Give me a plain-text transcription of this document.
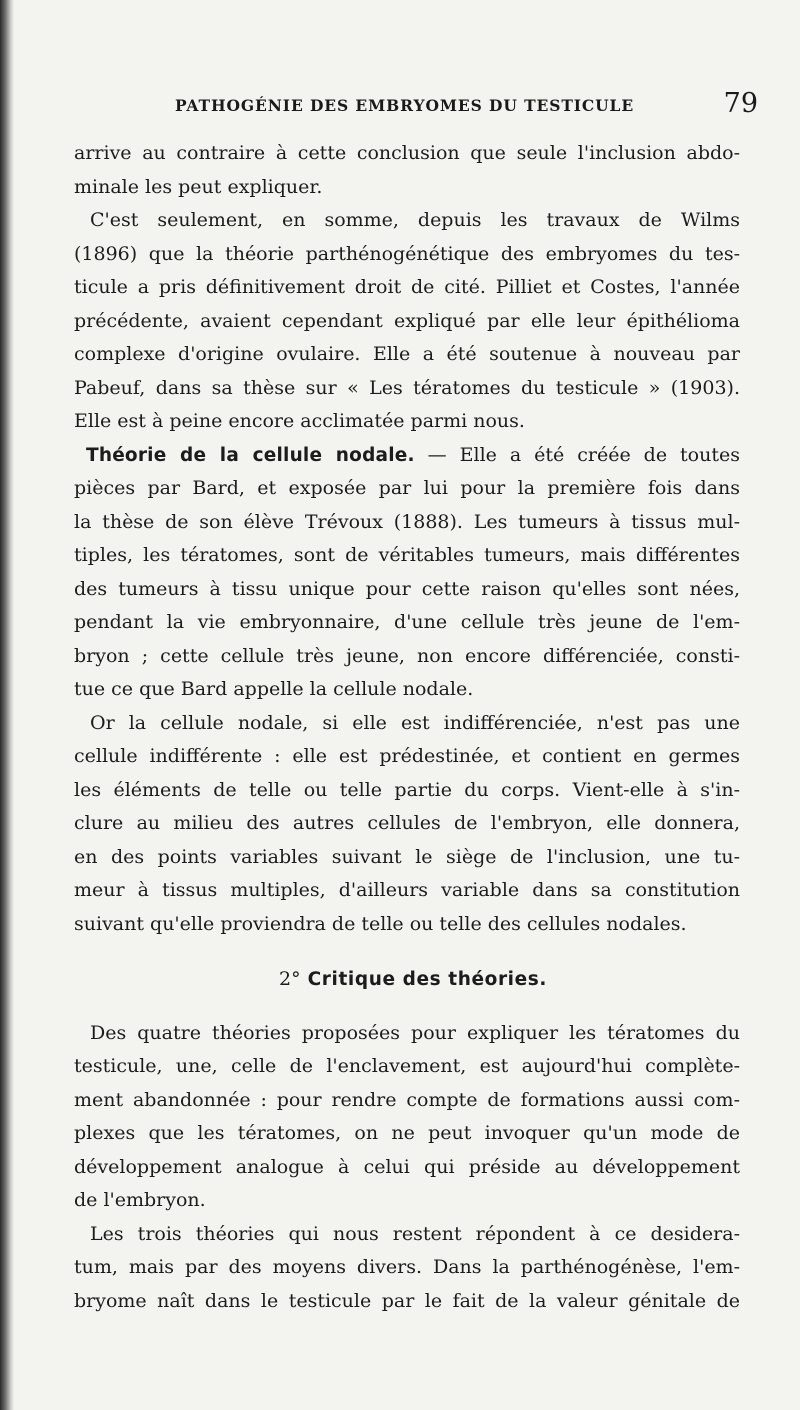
PATHOGÉNIE DES EMBRYOMES DU TESTICULE	79
arrive au contraire à cette conclusion que seule l'inclusion abdo-
minale les peut expliquer.
C'est seulement, en somme, depuis les travaux de Wilms
(1896) que la théorie parthénogénétique des embryomes du tes-
ticule a pris définitivement droit de cité. Pilliet et Costes, l'année
précédente, avaient cependant expliqué par elle leur épithélioma
complexe d'origine ovulaire. Elle a été soutenue à nouveau par
Pabeuf, dans sa thèse sur « Les tératomes du testicule » (1903).
Elle est à peine encore acclimatée parmi nous.
Théorie de la cellule nodale. — Elle a été créée de toutes
pièces par Bard, et exposée par lui pour la première fois dans
la thèse de son élève Trévoux (1888). Les tumeurs à tissus mul-
tiples, les tératomes, sont de véritables tumeurs, mais différentes
des tumeurs à tissu unique pour cette raison qu'elles sont nées,
pendant la vie embryonnaire, d'une cellule très jeune de l'em-
bryon ; cette cellule très jeune, non encore différenciée, consti-
tue ce que Bard appelle la cellule nodale.
Or la cellule nodale, si elle est indifférenciée, n'est pas une
cellule indifférente : elle est prédestinée, et contient en germes
les éléments de telle ou telle partie du corps. Vient-elle à s'in-
clure au milieu des autres cellules de l'embryon, elle donnera,
en des points variables suivant le siège de l'inclusion, une tu-
meur à tissus multiples, d'ailleurs variable dans sa constitution
suivant qu'elle proviendra de telle ou telle des cellules nodales.
2° Critique des théories.
Des quatre théories proposées pour expliquer les tératomes du
testicule, une, celle de l'enclavement, est aujourd'hui complète-
ment abandonnée : pour rendre compte de formations aussi com-
plexes que les tératomes, on ne peut invoquer qu'un mode de
développement analogue à celui qui préside au développement
de l'embryon.
Les trois théories qui nous restent répondent à ce desidera-
tum, mais par des moyens divers. Dans la parthénogénèse, l'em-
bryome naît dans le testicule par le fait de la valeur génitale de
